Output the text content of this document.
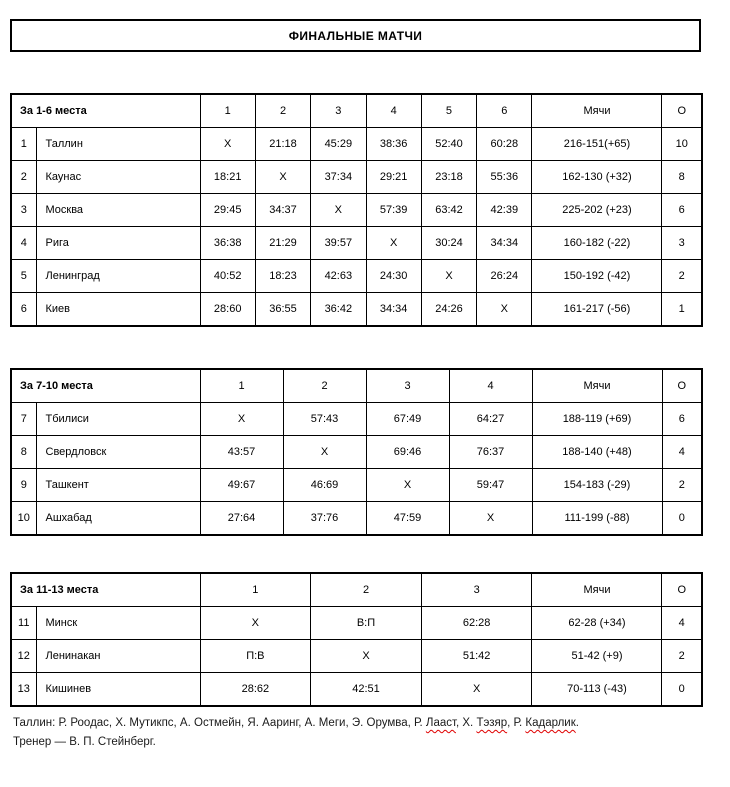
ФИНАЛЬНЫЕ МАТЧИ
За 1-6 места		1	2	3	4	5	6	Мячи	О
1	Таллин	X	21:18	45:29	38:36	52:40	60:28	216-151(+65)	10
2	Каунас	18:21	X	37:34	29:21	23:18	55:36	162-130 (+32)	8
3	Москва	29:45	34:37	X	57:39	63:42	42:39	225-202 (+23)	6
4	Рига	36:38	21:29	39:57	X	30:24	34:34	160-182 (-22)	3
5	Ленинград	40:52	18:23	42:63	24:30	X	26:24	150-192 (-42)	2
6	Киев	28:60	36:55	36:42	34:34	24:26	X	161-217 (-56)	1
За 7-10 места		1	2	3	4	Мячи	О
7	Тбилиси	X	57:43	67:49	64:27	188-119 (+69)	6
8	Свердловск	43:57	X	69:46	76:37	188-140 (+48)	4
9	Ташкент	49:67	46:69	X	59:47	154-183 (-29)	2
10	Ашхабад	27:64	37:76	47:59	X	111-199 (-88)	0
За 11-13 места		1	2	3	Мячи	О
11	Минск	X	В:П	62:28	62-28 (+34)	4
12	Ленинакан	П:В	X	51:42	51-42 (+9)	2
13	Кишинев	28:62	42:51	X	70-113 (-43)	0

Таллин: Р. Роодас, Х. Мутикпс, А. Остмейн, Я. Ааринг, А. Меги, Э. Орумва, Р. Лааст, Х. Тэзяр, Р. Кадарлик.

Тренер — В. П. Стейнберг.
